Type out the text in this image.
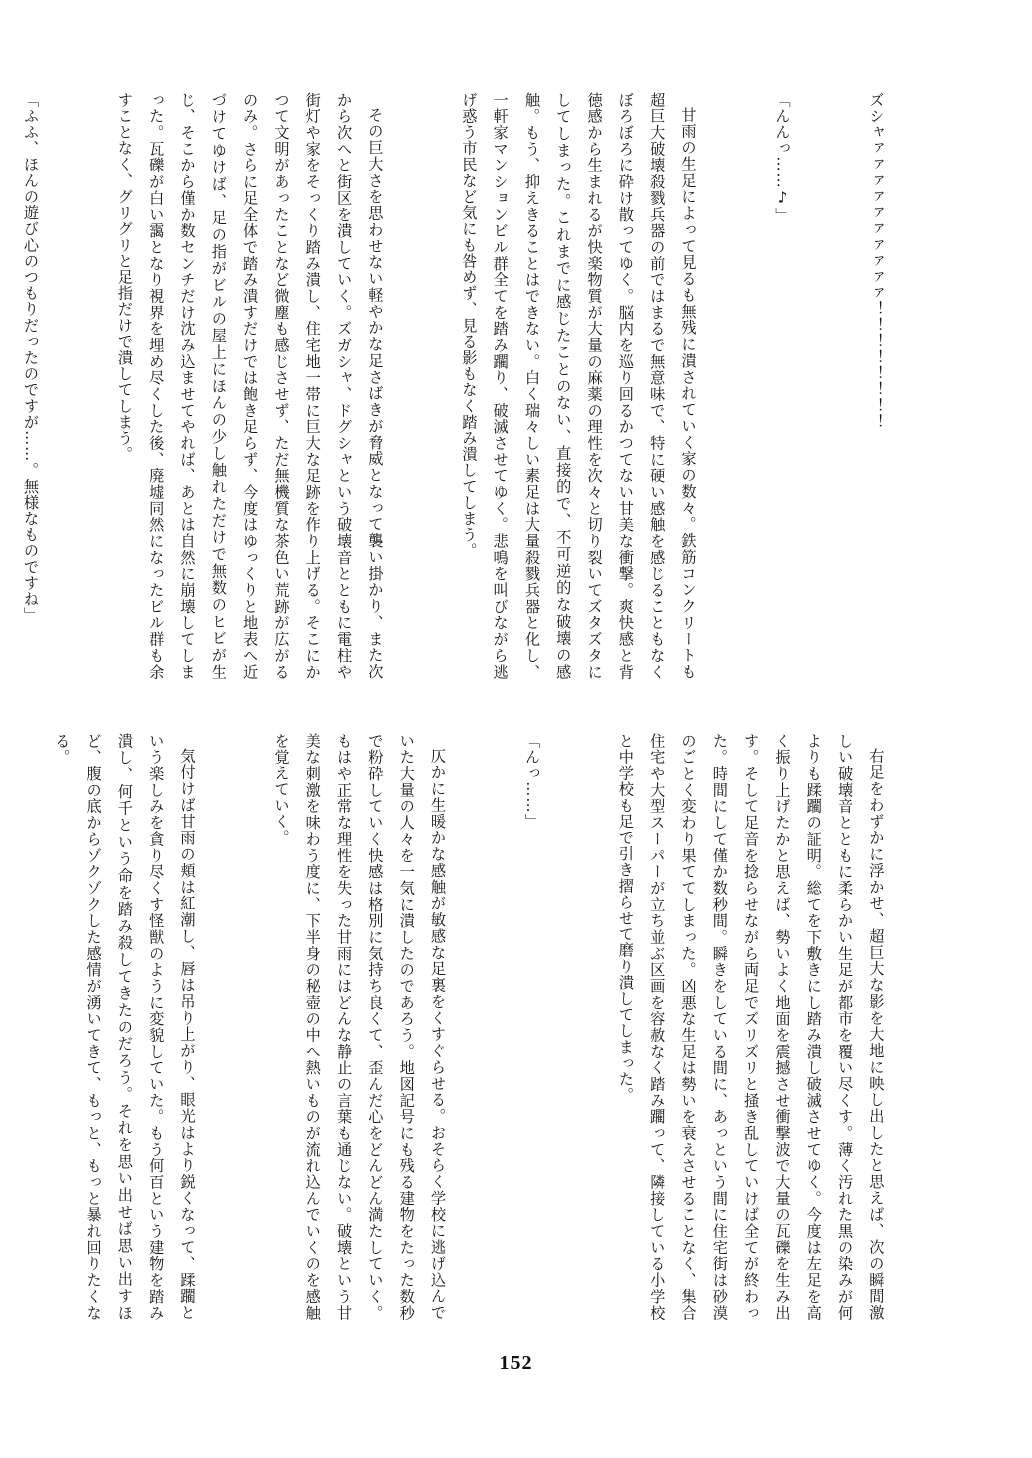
ズシャァァァァァァァァァァ！！！！！！！！

「んんっ……♪」

甘雨の生足によって見るも無残に潰されていく家の数々。鉄筋コンクリートも超巨大破壊殺戮兵器の前ではまるで無意味で、特に硬い感触を感じることもなくぼろぼろに砕け散ってゆく。脳内を巡り回るかつてない甘美な衝撃。爽快感と背徳感から生まれるが快楽物質が大量の麻薬の理性を次々と切り裂いてズタズタにしてしまった。これまでに感じたことのない、直接的で、不可逆的な破壊の感触。もう、抑えきることはできない。白く瑞々しい素足は大量殺戮兵器と化し、一軒家マンションビル群全てを踏み躙り、破滅させてゆく。悲鳴を叫びながら逃げ惑う市民など気にも咎めず、見る影もなく踏み潰してしまう。

その巨大さを思わせない軽やかな足さばきが脅威となって襲い掛かり、また次から次へと街区を潰していく。ズガシャ、ドグシャという破壊音とともに電柱や街灯や家をそっくり踏み潰し、住宅地一帯に巨大な足跡を作り上げる。そこにかつて文明があったことなど微塵も感じさせず、ただ無機質な茶色い荒跡が広がるのみ。さらに足全体で踏み潰すだけでは飽き足らず、今度はゆっくりと地表へ近づけてゆけば、足の指がビルの屋上にほんの少し触れただけで無数のヒビが生じ、そこから僅か数センチだけ沈み込ませてやれば、あとは自然に崩壊してしまった。瓦礫が白い靄となり視界を埋め尽くした後、廃墟同然になったビル群も余すことなく、グリグリと足指だけで潰してしまう。

「ふふ、ほんの遊び心のつもりだったのですが……。無様なものですね」

右足をわずかに浮かせ、超巨大な影を大地に映し出したと思えば、次の瞬間激しい破壊音とともに柔らかい生足が都市を覆い尽くす。薄く汚れた黒の染みが何よりも蹂躙の証明。総てを下敷きにし踏み潰し破滅させてゆく。今度は左足を高く振り上げたかと思えば、勢いよく地面を震撼させ衝撃波で大量の瓦礫を生み出す。そして足音を捻らせながら両足でズリズリと掻き乱していけば全てが終わった。時間にして僅か数秒間。瞬きをしている間に、あっという間に住宅街は砂漠のごとく変わり果ててしまった。凶悪な生足は勢いを衰えさせることなく、集合住宅や大型スーパーが立ち並ぶ区画を容赦なく踏み躙って、隣接している小学校と中学校も足で引き摺らせて磨り潰してしまった。

「んっ……」

仄かに生暖かな感触が敏感な足裏をくすぐらせる。おそらく学校に逃げ込んでいた大量の人々を一気に潰したのであろう。地図記号にも残る建物をたった数秒で粉砕していく快感は格別に気持ち良くて、歪んだ心をどんどん満たしていく。もはや正常な理性を失った甘雨にはどんな静止の言葉も通じない。破壊という甘美な刺激を味わう度に、下半身の秘壺の中へ熱いものが流れ込んでいくのを感触を覚えていく。

気付けば甘雨の頬は紅潮し、唇は吊り上がり、眼光はより鋭くなって、蹂躙という楽しみを貪り尽くす怪獣のように変貌していた。もう何百という建物を踏み潰し、何千という命を踏み殺してきたのだろう。それを思い出せば思い出すほど、腹の底からゾクゾクした感情が湧いてきて、もっと、もっと暴れ回りたくなる。

152
